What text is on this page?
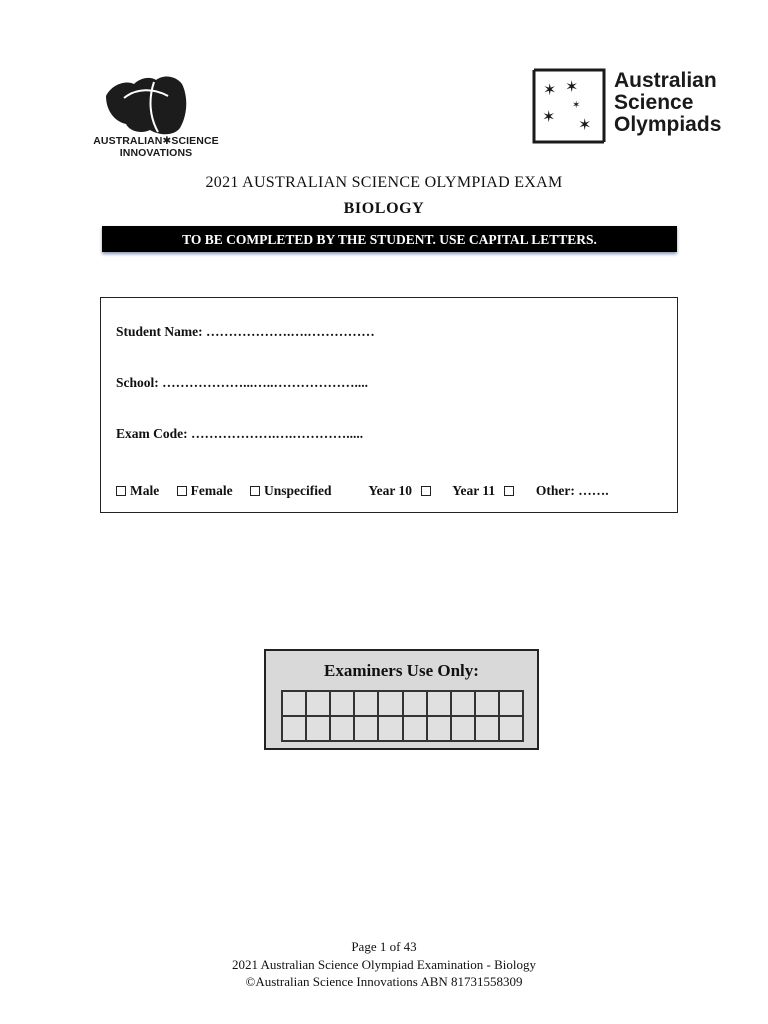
AUSTRALIAN✱SCIENCE
INNOVATIONS
✶ ✶
✶
✶ ✶
Australian
Science
Olympiads
2021 AUSTRALIAN SCIENCE OLYMPIAD EXAM
BIOLOGY
TO BE COMPLETED BY THE STUDENT. USE CAPITAL LETTERS.
Student Name: ……………….….……………
School: ………………...…..………………....
Exam Code: ……………….….………….....
Male Female Unspecified	Year 10	Year 11	Other: …….
Examiners Use Only:
Page 1 of 43
2021 Australian Science Olympiad Examination - Biology
©Australian Science Innovations ABN 81731558309
